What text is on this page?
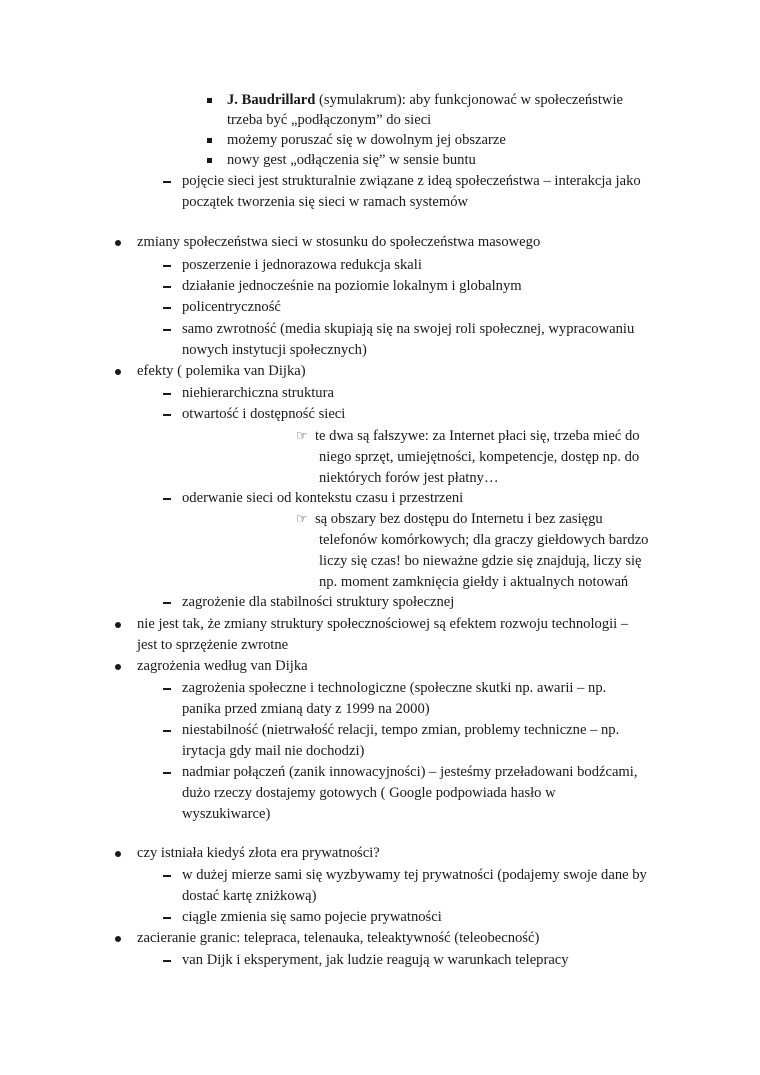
J. Baudrillard (symulakrum): aby funkcjonować w społeczeństwie
trzeba być „podłączonym” do sieci
możemy poruszać się w dowolnym jej obszarze
nowy gest „odłączenia się” w sensie buntu
pojęcie sieci jest strukturalnie związane z ideą społeczeństwa – interakcja jako
początek tworzenia się sieci w ramach systemów
zmiany społeczeństwa sieci w stosunku do społeczeństwa masowego
poszerzenie i jednorazowa redukcja skali
działanie jednocześnie na poziomie lokalnym i globalnym
policentryczność
samo zwrotność (media skupiają się na swojej roli społecznej, wypracowaniu
nowych instytucji społecznych)
efekty ( polemika van Dijka)
niehierarchiczna struktura
otwartość i dostępność sieci
☞ te dwa są fałszywe: za Internet płaci się, trzeba mieć do
niego sprzęt, umiejętności, kompetencje, dostęp np. do
niektórych forów jest płatny…
oderwanie sieci od kontekstu czasu i przestrzeni
☞ są obszary bez dostępu do Internetu i bez zasięgu
telefonów komórkowych; dla graczy giełdowych bardzo
liczy się czas! bo nieważne gdzie się znajdują, liczy się
np. moment zamknięcia giełdy i aktualnych notowań
zagrożenie dla stabilności struktury społecznej
nie jest tak, że zmiany struktury społecznościowej są efektem rozwoju technologii –
jest to sprzężenie zwrotne
zagrożenia według van Dijka
zagrożenia społeczne i technologiczne (społeczne skutki np. awarii – np.
panika przed zmianą daty z 1999 na 2000)
niestabilność (nietrwałość relacji, tempo zmian, problemy techniczne – np.
irytacja gdy mail nie dochodzi)
nadmiar połączeń (zanik innowacyjności) – jesteśmy przeładowani bodźcami,
dużo rzeczy dostajemy gotowych ( Google podpowiada hasło w
wyszukiwarce)
czy istniała kiedyś złota era prywatności?
w dużej mierze sami się wyzbywamy tej prywatności (podajemy swoje dane by
dostać kartę zniżkową)
ciągle zmienia się samo pojecie prywatności
zacieranie granic: telepraca, telenauka, teleaktywność (teleobecność)
van Dijk i eksperyment, jak ludzie reagują w warunkach telepracy
